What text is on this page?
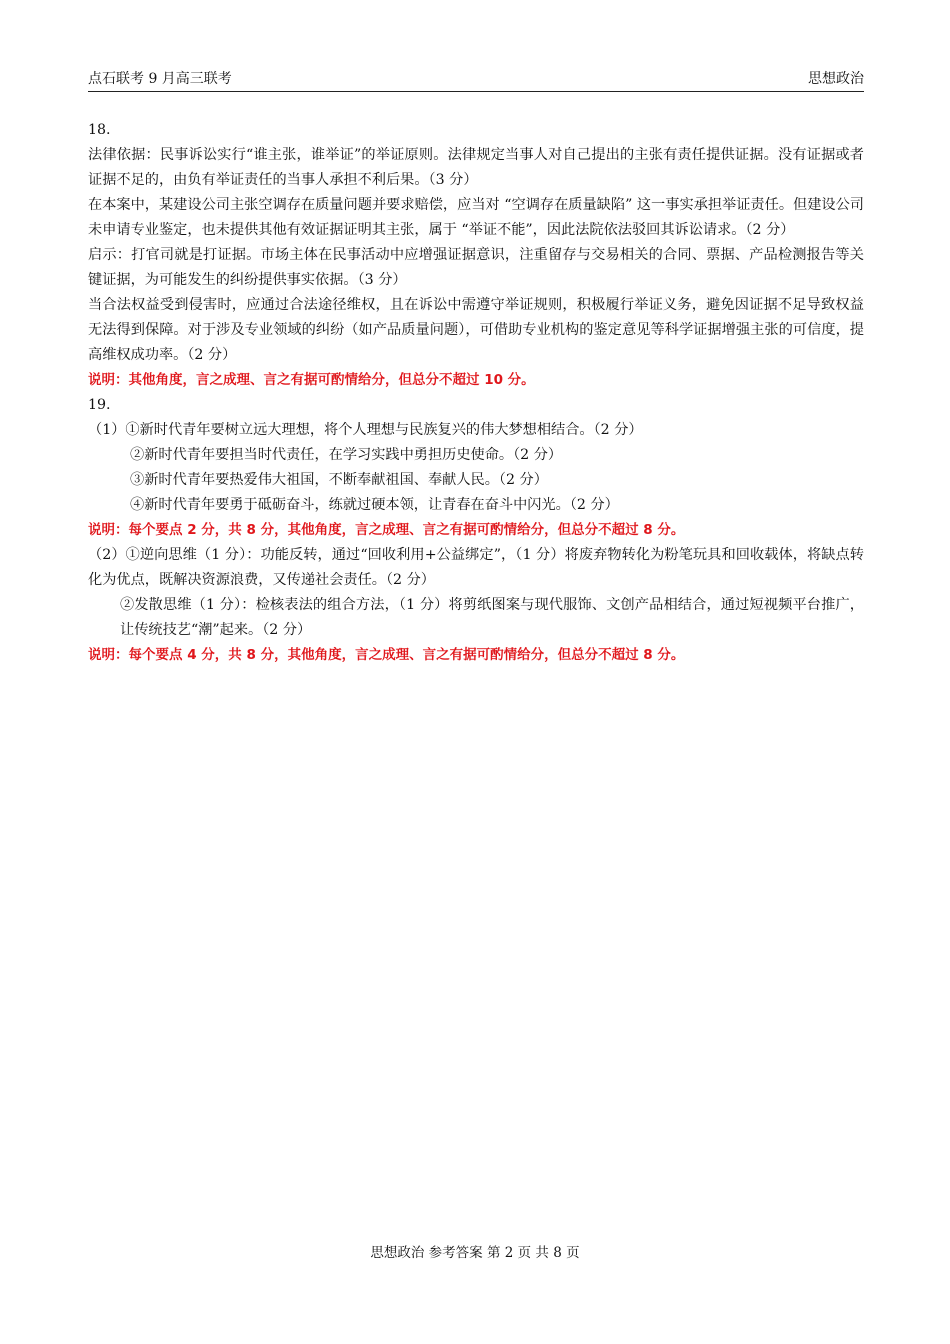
点石联考 9 月高三联考	思想政治

18.

法律依据：民事诉讼实行“谁主张，谁举证”的举证原则。法律规定当事人对自己提出的主张有责任提供证据。没有证据或者证据不足的，由负有举证责任的当事人承担不利后果。（3 分）

在本案中，某建设公司主张空调存在质量问题并要求赔偿，应当对 “空调存在质量缺陷” 这一事实承担举证责任。但建设公司未申请专业鉴定，也未提供其他有效证据证明其主张，属于 “举证不能”，因此法院依法驳回其诉讼请求。（2 分）

启示：打官司就是打证据。市场主体在民事活动中应增强证据意识，注重留存与交易相关的合同、票据、产品检测报告等关键证据，为可能发生的纠纷提供事实依据。（3 分）

当合法权益受到侵害时，应通过合法途径维权，且在诉讼中需遵守举证规则，积极履行举证义务，避免因证据不足导致权益无法得到保障。对于涉及专业领域的纠纷（如产品质量问题），可借助专业机构的鉴定意见等科学证据增强主张的可信度，提高维权成功率。（2 分）

说明：其他角度，言之成理、言之有据可酌情给分，但总分不超过 10 分。

19.

（1）①新时代青年要树立远大理想，将个人理想与民族复兴的伟大梦想相结合。（2 分）

②新时代青年要担当时代责任，在学习实践中勇担历史使命。（2 分）

③新时代青年要热爱伟大祖国，不断奉献祖国、奉献人民。（2 分）

④新时代青年要勇于砥砺奋斗，练就过硬本领，让青春在奋斗中闪光。（2 分）

说明：每个要点 2 分，共 8 分，其他角度，言之成理、言之有据可酌情给分，但总分不超过 8 分。

（2）①逆向思维（1 分）：功能反转，通过“回收利用+公益绑定”，（1 分）将废弃物转化为粉笔玩具和回收载体，将缺点转化为优点，既解决资源浪费，又传递社会责任。（2 分）

②发散思维（1 分）：检核表法的组合方法，（1 分）将剪纸图案与现代服饰、文创产品相结合，通过短视频平台推广，让传统技艺“潮”起来。（2 分）

说明：每个要点 4 分，共 8 分，其他角度，言之成理、言之有据可酌情给分，但总分不超过 8 分。

思想政治 参考答案 第 2 页 共 8 页
